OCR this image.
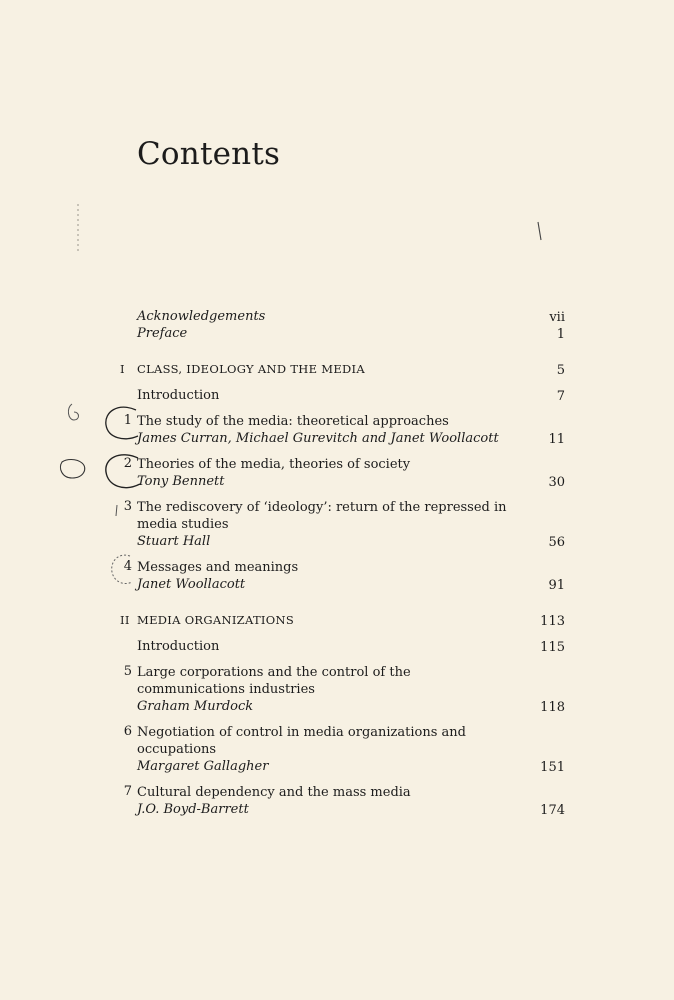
Contents
Acknowledgements	vii
Preface	1
I CLASS, IDEOLOGY AND THE MEDIA	5
Introduction	7
1 The study of the media: theoretical approaches
James Curran, Michael Gurevitch and Janet Woollacott	11
2 Theories of the media, theories of society
Tony Bennett	30
3 The rediscovery of ‘ideology’: return of the repressed in media studies
Stuart Hall	56
4 Messages and meanings
Janet Woollacott	91
II MEDIA ORGANIZATIONS	113
Introduction	115
5 Large corporations and the control of the communications industries
Graham Murdock	118
6 Negotiation of control in media organizations and occupations
Margaret Gallagher	151
7 Cultural dependency and the mass media
J.O. Boyd-Barrett	174
